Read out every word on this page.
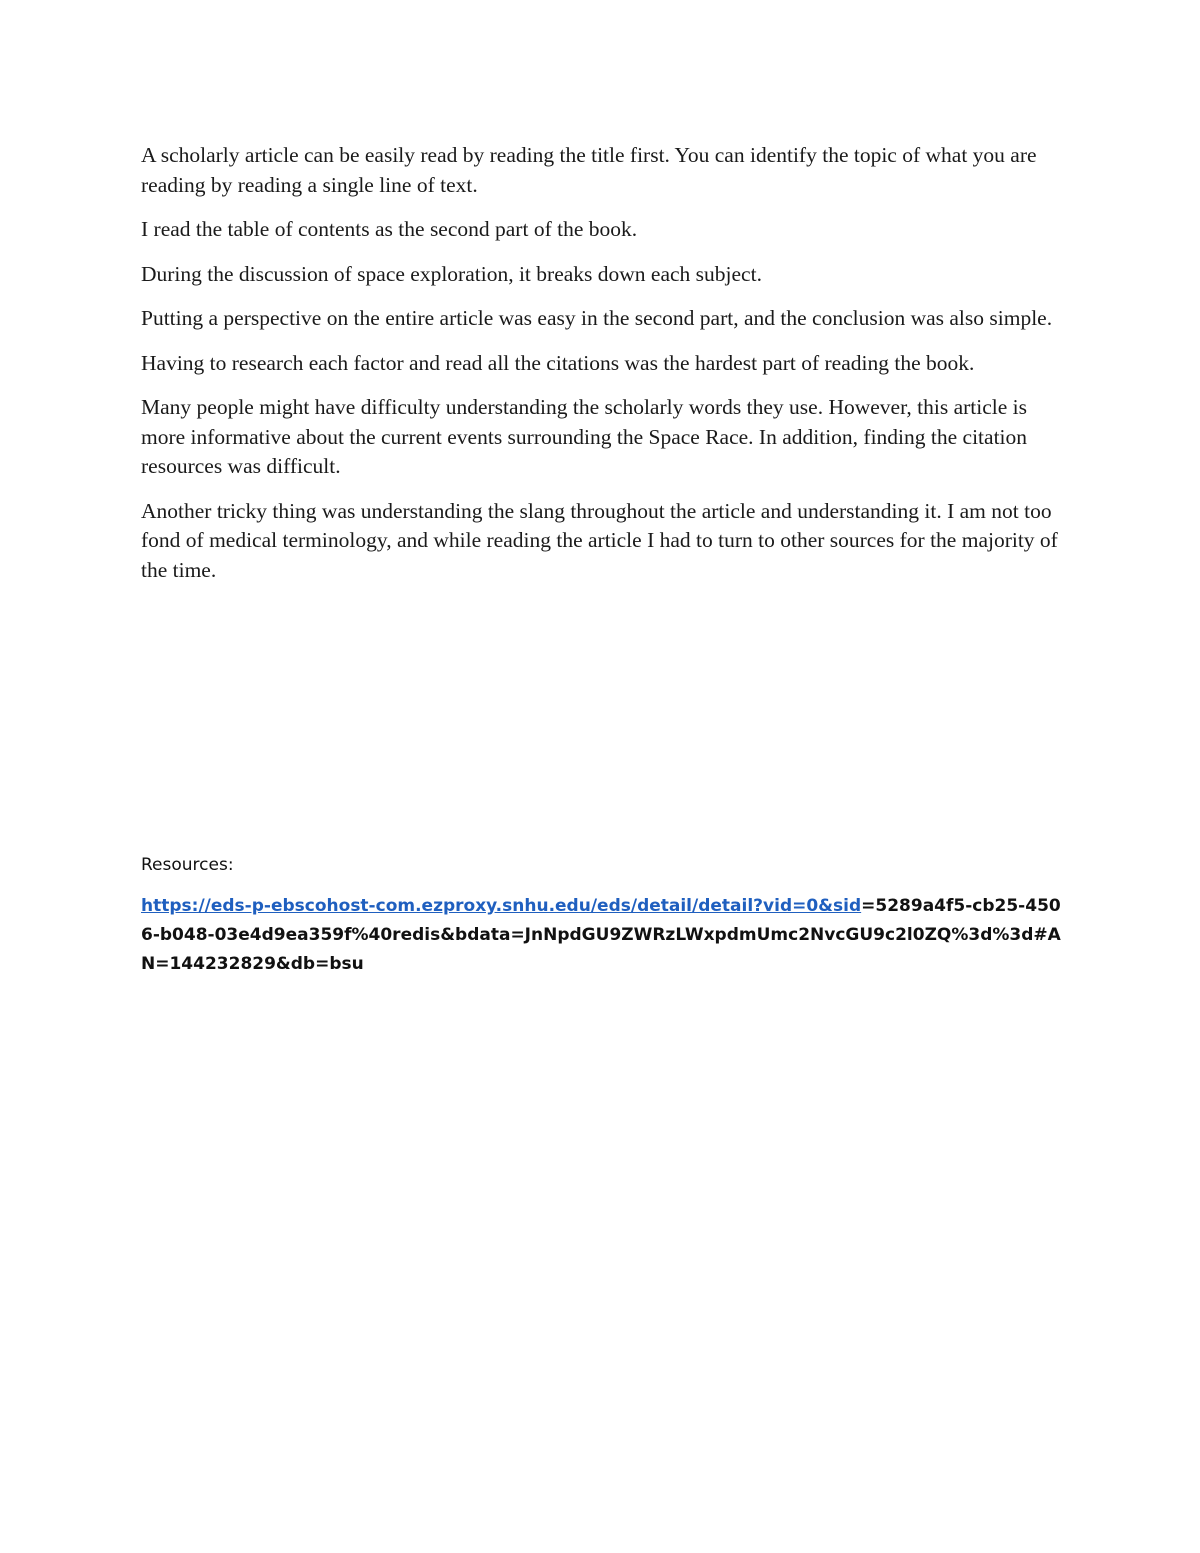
A scholarly article can be easily read by reading the title first. You can identify the topic of what you are reading by reading a single line of text.

I read the table of contents as the second part of the book.

During the discussion of space exploration, it breaks down each subject.

Putting a perspective on the entire article was easy in the second part, and the conclusion was also simple.

Having to research each factor and read all the citations was the hardest part of reading the book.

Many people might have difficulty understanding the scholarly words they use. However, this article is more informative about the current events surrounding the Space Race. In addition, finding the citation resources was difficult.

Another tricky thing was understanding the slang throughout the article and understanding it. I am not too fond of medical terminology, and while reading the article I had to turn to other sources for the majority of the time.

Resources:

https://eds-p-ebscohost-com.ezproxy.snhu.edu/eds/detail/detail?vid=0&sid=5289a4f5-cb25-4506-b048-03e4d9ea359f%40redis&bdata=JnNpdGU9ZWRzLWxpdmUmc2NvcGU9c2l0ZQ%3d%3d#AN=144232829&db=bsu
